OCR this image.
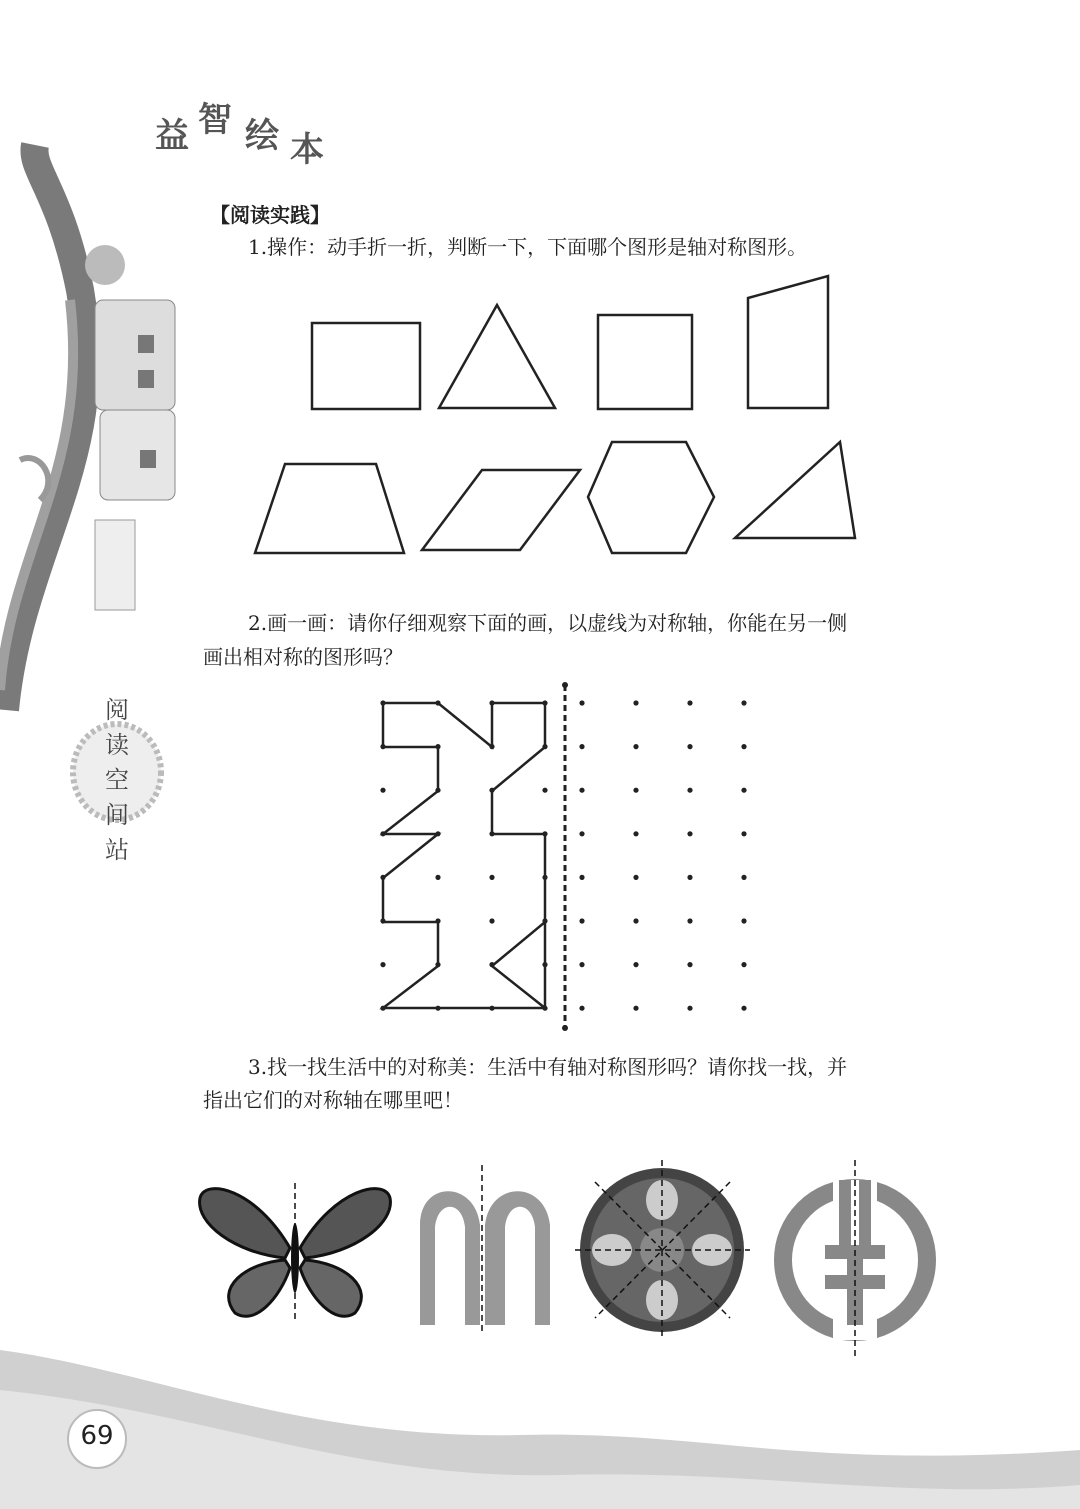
益 智 绘 本
【阅读实践】
1.操作：动手折一折，判断一下，下面哪个图形是轴对称图形。
2.画一画：请你仔细观察下面的画，以虚线为对称轴，你能在另一侧
画出相对称的图形吗？
3.找一找生活中的对称美：生活中有轴对称图形吗？请你找一找，并
指出它们的对称轴在哪里吧！
阅
读
空
间
站
69
